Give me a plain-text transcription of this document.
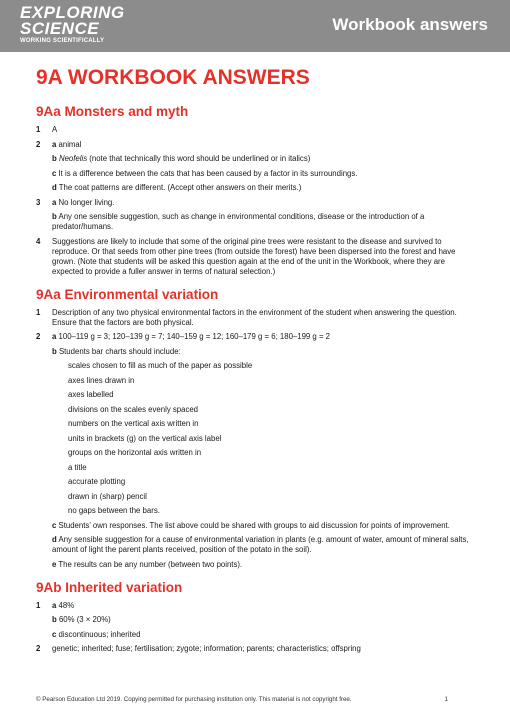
EXPLORING
SCIENCE
WORKING SCIENTIFICALLY
Workbook answers
9A WORKBOOK ANSWERS
9Aa Monsters and myth
1 A
2 a animal
b Neofelis (note that technically this word should be underlined or in italics)
c It is a difference between the cats that has been caused by a factor in its surroundings.
d The coat patterns are different. (Accept other answers on their merits.)
3 a No longer living.
b Any one sensible suggestion, such as change in environmental conditions, disease or the introduction of a predator/humans.
4 Suggestions are likely to include that some of the original pine trees were resistant to the disease and survived to reproduce. Or that seeds from other pine trees (from outside the forest) have been dispersed into the forest and have grown. (Note that students will be asked this question again at the end of the unit in the Workbook, where they are expected to provide a fuller answer in terms of natural selection.)
9Aa Environmental variation
1 Description of any two physical environmental factors in the environment of the student when answering the question. Ensure that the factors are both physical.
2 a 100–119 g = 3; 120–139 g = 7; 140–159 g = 12; 160–179 g = 6; 180–199 g = 2
b Students bar charts should include:
scales chosen to fill as much of the paper as possible
axes lines drawn in
axes labelled
divisions on the scales evenly spaced
numbers on the vertical axis written in
units in brackets (g) on the vertical axis label
groups on the horizontal axis written in
a title
accurate plotting
drawn in (sharp) pencil
no gaps between the bars.
c Students’ own responses. The list above could be shared with groups to aid discussion for points of improvement.
d Any sensible suggestion for a cause of environmental variation in plants (e.g. amount of water, amount of mineral salts, amount of light the parent plants received, position of the potato in the soil).
e The results can be any number (between two points).
9Ab Inherited variation
1 a 48%
b 60% (3 × 20%)
c discontinuous; inherited
2 genetic; inherited; fuse; fertilisation; zygote; information; parents; characteristics; offspring
© Pearson Education Ltd 2019. Copying permitted for purchasing institution only. This material is not copyright free.	1
